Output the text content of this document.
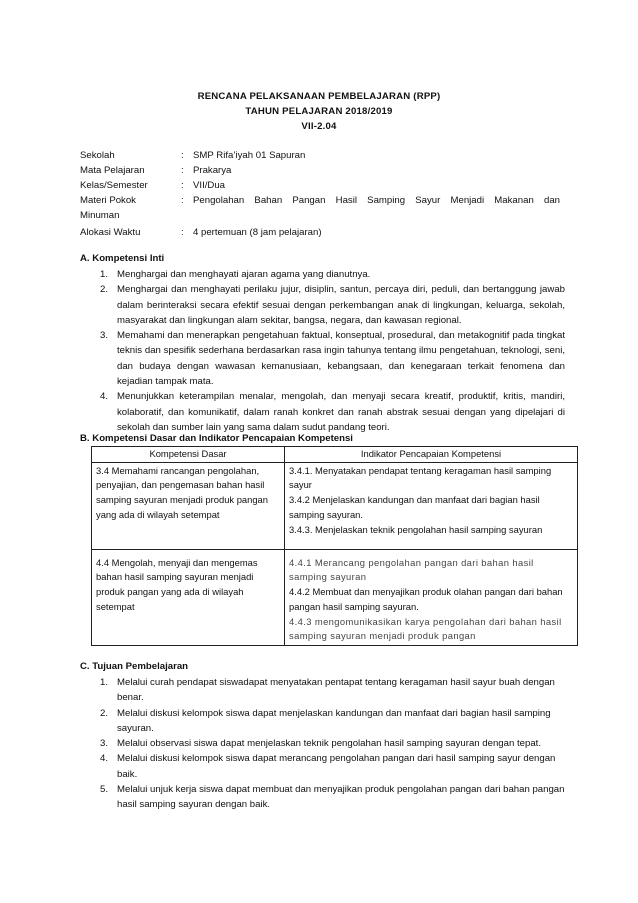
RENCANA PELAKSANAAN PEMBELAJARAN (RPP)
TAHUN PELAJARAN 2018/2019
VII-2.04
Sekolah	: SMP Rifa’iyah 01 Sapuran
Mata Pelajaran	: Prakarya
Kelas/Semester	: VII/Dua
Materi Pokok	: Pengolahan Bahan Pangan Hasil Samping Sayur Menjadi Makanan dan
Minuman
Alokasi Waktu	: 4 pertemuan (8 jam pelajaran)
A. Kompetensi Inti
1. Menghargai dan menghayati ajaran agama yang dianutnya.
2. Menghargai dan menghayati perilaku jujur, disiplin, santun, percaya diri, peduli, dan bertanggung jawab dalam berinteraksi secara efektif sesuai dengan perkembangan anak di lingkungan, keluarga, sekolah, masyarakat dan lingkungan alam sekitar, bangsa, negara, dan kawasan regional.
3. Memahami dan menerapkan pengetahuan faktual, konseptual, prosedural, dan metakognitif pada tingkat teknis dan spesifik sederhana berdasarkan rasa ingin tahunya tentang ilmu pengetahuan, teknologi, seni, dan budaya dengan wawasan kemanusiaan, kebangsaan, dan kenegaraan terkait fenomena dan kejadian tampak mata.
4. Menunjukkan keterampilan menalar, mengolah, dan menyaji secara kreatif, produktif, kritis, mandiri, kolaboratif, dan komunikatif, dalam ranah konkret dan ranah abstrak sesuai dengan yang dipelajari di sekolah dan sumber lain yang sama dalam sudut pandang teori.
B. Kompetensi Dasar dan Indikator Pencapaian Kompetensi
Kompetensi Dasar	Indikator Pencapaian Kompetensi
3.4 Memahami rancangan pengolahan, penyajian, dan pengemasan bahan hasil samping sayuran menjadi produk pangan yang ada di wilayah setempat	3.4.1. Menyatakan pendapat tentang keragaman hasil samping sayur
3.4.2 Menjelaskan kandungan dan manfaat dari bagian hasil samping sayuran.
3.4.3. Menjelaskan teknik pengolahan hasil samping sayuran

4.4 Mengolah, menyaji dan mengemas bahan hasil samping sayuran menjadi produk pangan yang ada di wilayah setempat	4.4.1 Merancang pengolahan pangan dari bahan hasil samping sayuran
4.4.2 Membuat dan menyajikan produk olahan pangan dari bahan pangan hasil samping sayuran.
4.4.3 mengomunikasikan karya pengolahan dari bahan hasil samping sayuran menjadi produk pangan
C. Tujuan Pembelajaran
1. Melalui curah pendapat siswadapat menyatakan pentapat tentang keragaman hasil sayur buah dengan benar.
2. Melalui diskusi kelompok siswa dapat menjelaskan kandungan dan manfaat dari bagian hasil samping sayuran.
3. Melalui observasi siswa dapat menjelaskan teknik pengolahan hasil samping sayuran dengan tepat.
4. Melalui diskusi kelompok siswa dapat merancang pengolahan pangan dari hasil samping sayur dengan baik.
5. Melalui unjuk kerja siswa dapat membuat dan menyajikan produk pengolahan pangan dari bahan pangan hasil samping sayuran dengan baik.
